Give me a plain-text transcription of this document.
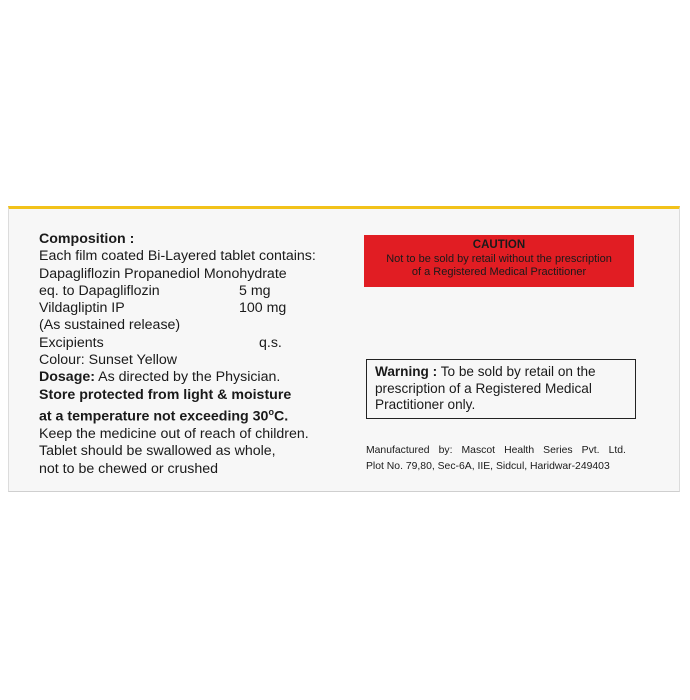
Composition :
Each film coated Bi-Layered tablet contains:
Dapagliflozin Propanediol Monohydrate
eq. to Dapagliflozin	5 mg
Vildagliptin IP	100 mg
(As sustained release)
Excipients	q.s.
Colour: Sunset Yellow
Dosage: As directed by the Physician.
Store protected from light & moisture
at a temperature not exceeding 30$^o$C.
Keep the medicine out of reach of children.
Tablet should be swallowed as whole,
not to be chewed or crushed
CAUTION
Not to be sold by retail without the prescription
of a Registered Medical Practitioner
Warning : To be sold by retail on the prescription of a Registered Medical Practitioner only.
Manufactured by: Mascot Health Series Pvt. Ltd.
Plot No. 79,80, Sec-6A, IIE, Sidcul, Haridwar-249403
